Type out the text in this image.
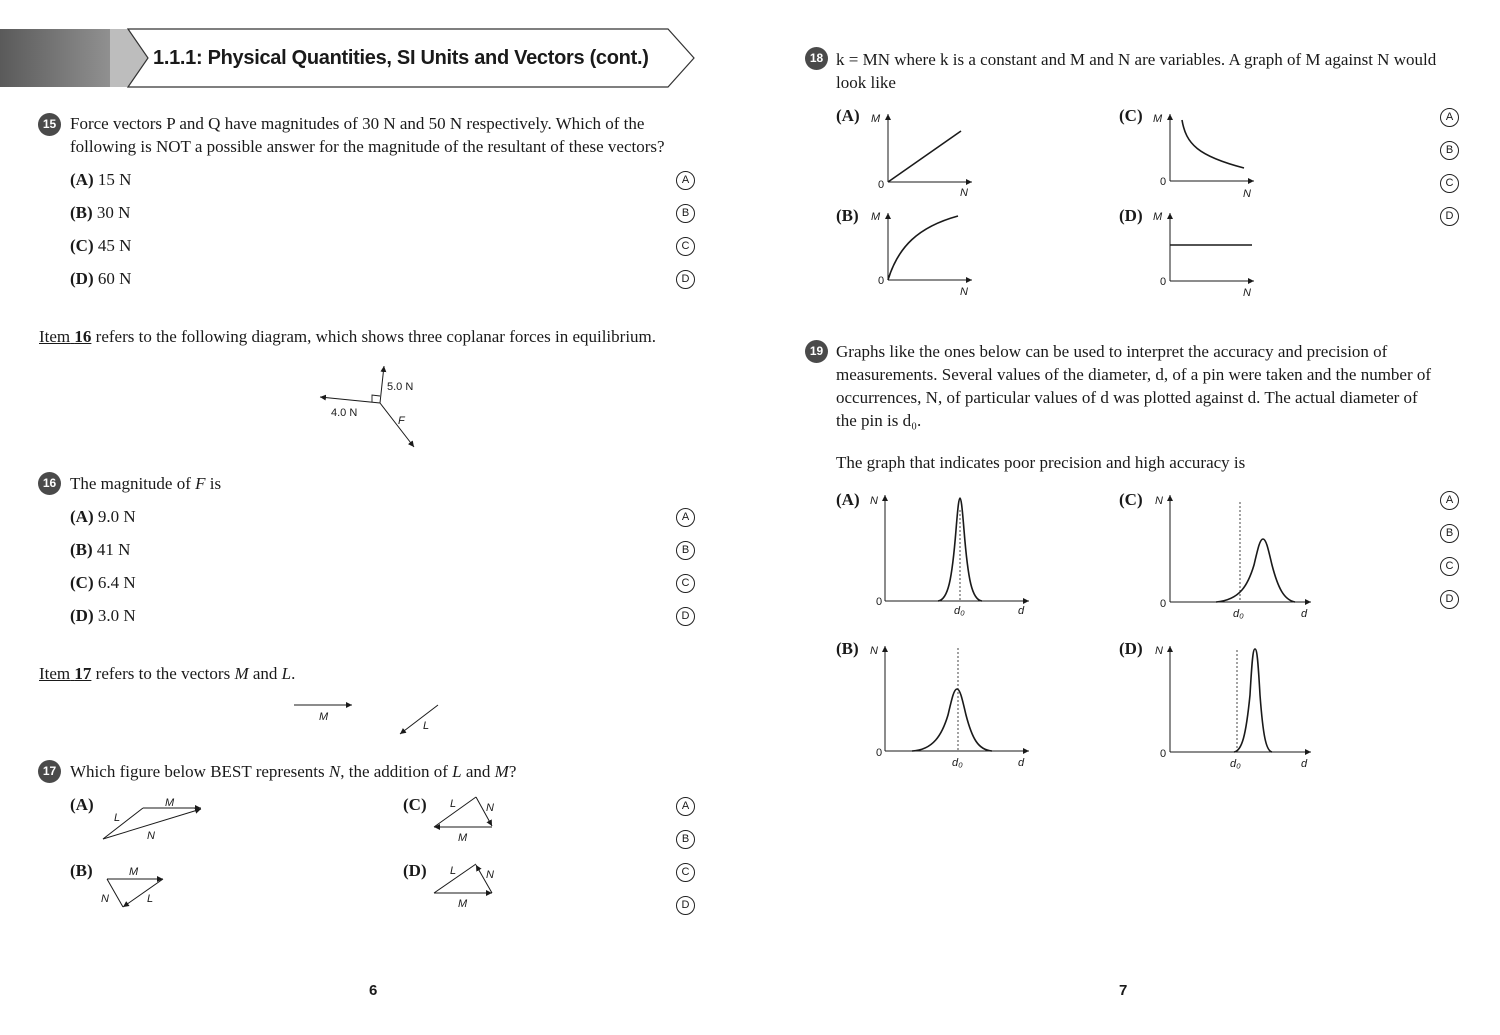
1.1.1: Physical Quantities, SI Units and Vectors (cont.)
15 Force vectors P and Q have magnitudes of 30 N and 50 N respectively. Which of the
following is NOT a possible answer for the magnitude of the resultant of these vectors?
(A) 15 N
(B) 30 N
(C) 45 N
(D) 60 N
A
B
C
D
Item 16 refers to the following diagram, which shows three coplanar forces in equilibrium.
5.0 N
4.0 N
F
16 The magnitude of F is
(A) 9.0 N
(B) 41 N
(C) 6.4 N
(D) 3.0 N
A
B
C
D
Item 17 refers to the vectors M and L.
M
L
17 Which figure below BEST represents N, the addition of L and M?
(A)	M
L
N
(C) L	N
M
(B)	M
N	L
(D) L	N
M
A
B
C
D
6
18 k = MN where k is a constant and M and N are variables. A graph of M against N would
look like
(A)	(C)
(B)	(D)
M
0
N
M
0
N
M
0
N
M
0
N
A
B
C
D
19 Graphs like the ones below can be used to interpret the accuracy and precision of
measurements. Several values of the diameter, d, of a pin were taken and the number of
occurrences, N, of particular values of d was plotted against d. The actual diameter of
the pin is d₀.
The graph that indicates poor precision and high accuracy is
(A)	(C)
(B)	(D)
N
0
d₀	d
N
0
d₀	d
N
0
d₀	d
N
0
d₀	d
A
B
C
D
7
